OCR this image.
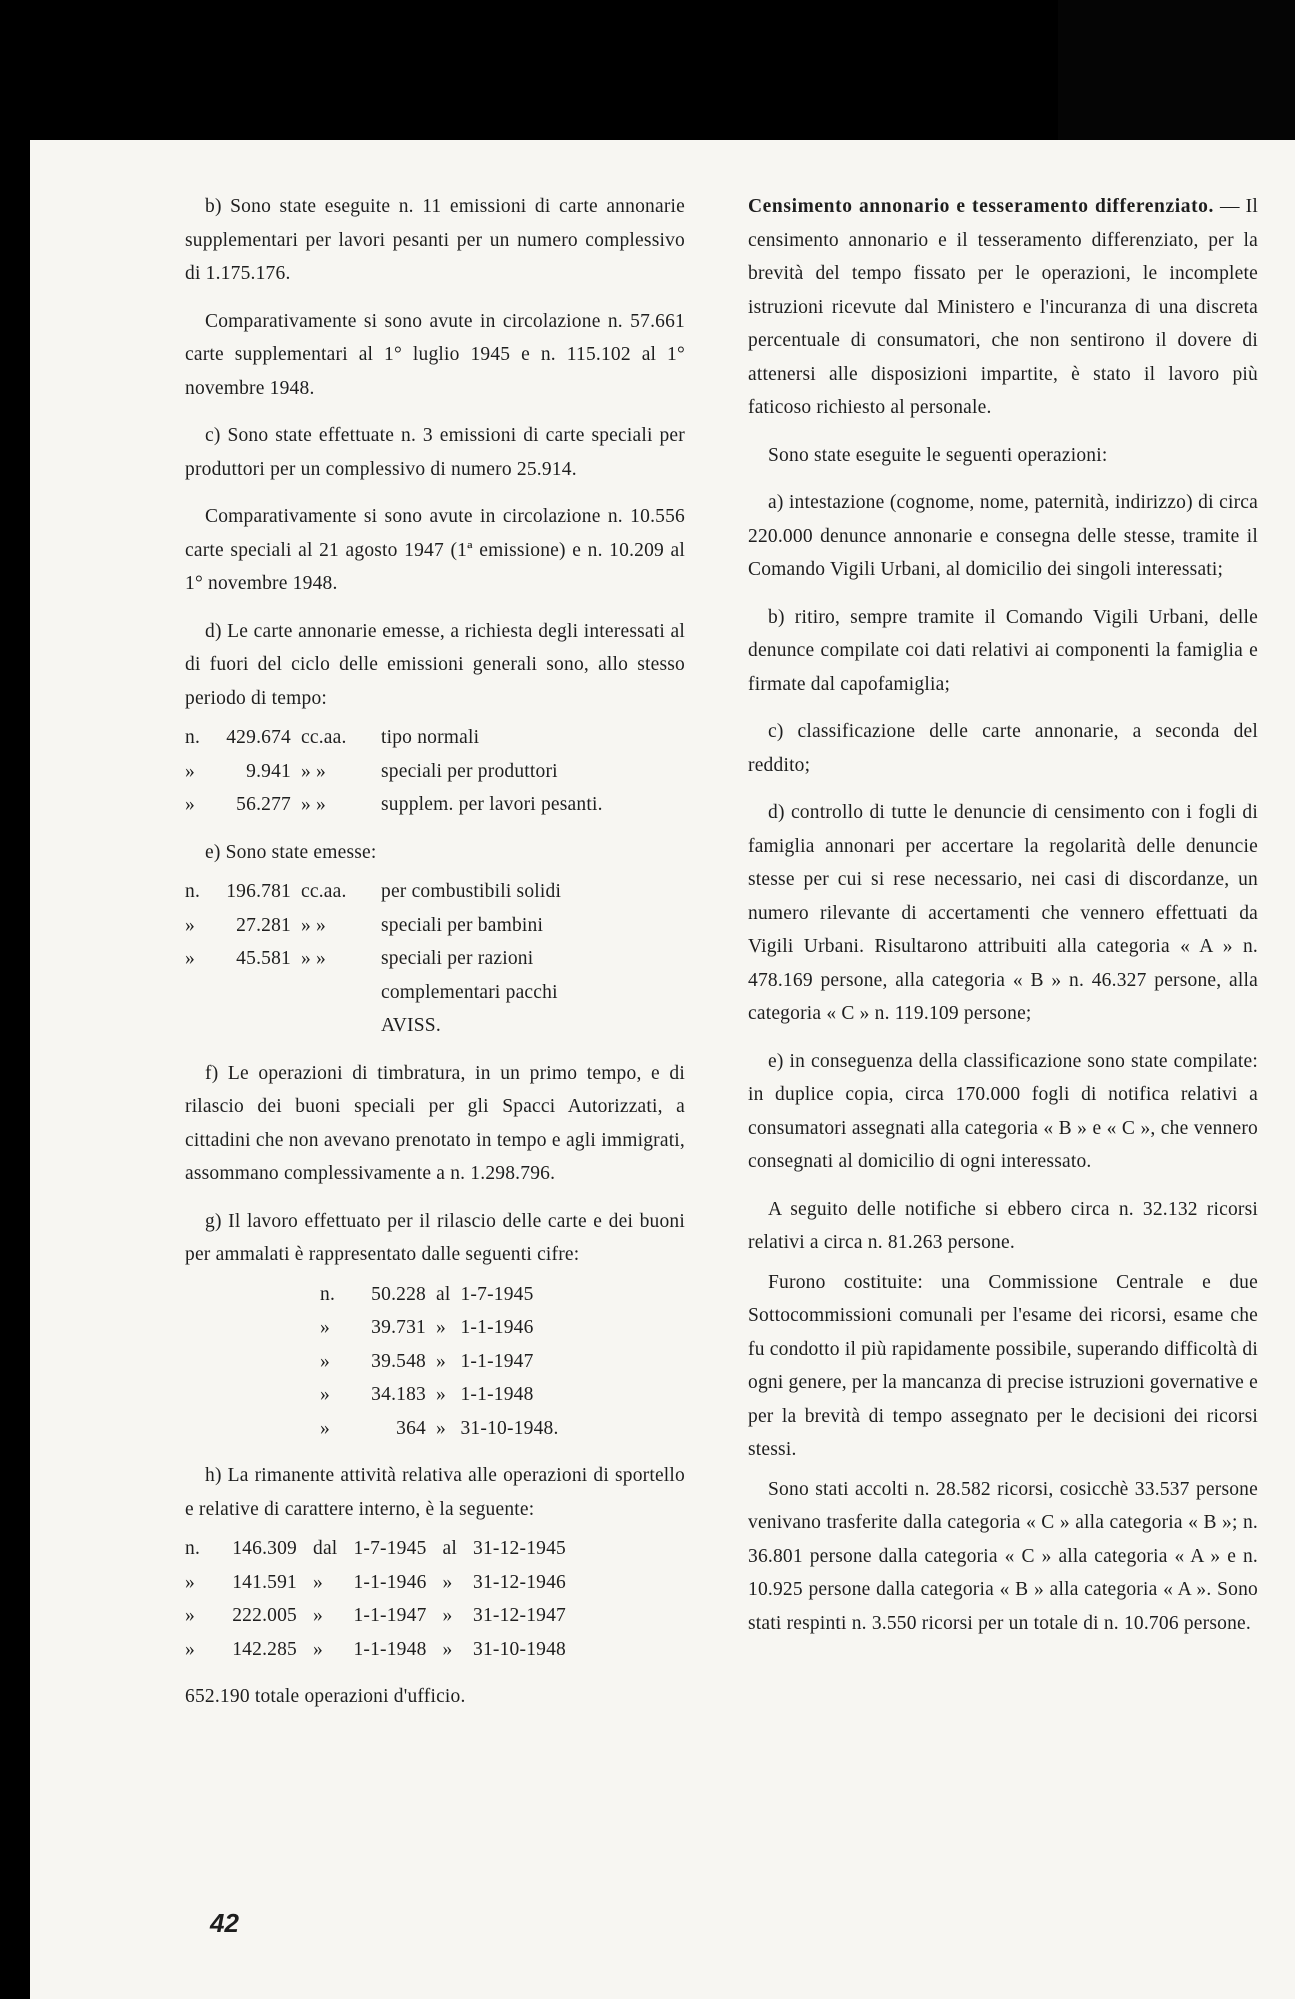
b) Sono state eseguite n. 11 emissioni di carte annonarie supplementari per lavori pesanti per un numero complessivo di 1.175.176.

Comparativamente si sono avute in circolazione n. 57.661 carte supplementari al 1° luglio 1945 e n. 115.102 al 1° novembre 1948.

c) Sono state effettuate n. 3 emissioni di carte speciali per produttori per un complessivo di numero 25.914.

Comparativamente si sono avute in circolazione n. 10.556 carte speciali al 21 agosto 1947 (1ª emissione) e n. 10.209 al 1° novembre 1948.

d) Le carte annonarie emesse, a richiesta degli interessati al di fuori del ciclo delle emissioni generali sono, allo stesso periodo di tempo:

n.	429.674	cc.aa.	tipo normali
»	9.941	» »	speciali per produttori
»	56.277	» »	supplem. per lavori pesanti.

e) Sono state emesse:

n.	196.781	cc.aa.	per combustibili solidi
»	27.281	» »	speciali per bambini
»	45.581	» »	speciali per razioni complementari pacchi AVISS.

f) Le operazioni di timbratura, in un primo tempo, e di rilascio dei buoni speciali per gli Spacci Autorizzati, a cittadini che non avevano prenotato in tempo e agli immigrati, assommano complessivamente a n. 1.298.796.

g) Il lavoro effettuato per il rilascio delle carte e dei buoni per ammalati è rappresentato dalle seguenti cifre:

n.	50.228	al	1-7-1945
»	39.731	»	1-1-1946
»	39.548	»	1-1-1947
»	34.183	»	1-1-1948
»	364	»	31-10-1948.

h) La rimanente attività relativa alle operazioni di sportello e relative di carattere interno, è la seguente:

n.	146.309	dal	1-7-1945	al	31-12-1945
»	141.591	»	1-1-1946	»	31-12-1946
»	222.005	»	1-1-1947	»	31-12-1947
»	142.285	»	1-1-1948	»	31-10-1948

652.190 totale operazioni d'ufficio.

Censimento annonario e tesseramento differenziato. — Il censimento annonario e il tesseramento differenziato, per la brevità del tempo fissato per le operazioni, le incomplete istruzioni ricevute dal Ministero e l'incuranza di una discreta percentuale di consumatori, che non sentirono il dovere di attenersi alle disposizioni impartite, è stato il lavoro più faticoso richiesto al personale.

Sono state eseguite le seguenti operazioni:

a) intestazione (cognome, nome, paternità, indirizzo) di circa 220.000 denunce annonarie e consegna delle stesse, tramite il Comando Vigili Urbani, al domicilio dei singoli interessati;

b) ritiro, sempre tramite il Comando Vigili Urbani, delle denunce compilate coi dati relativi ai componenti la famiglia e firmate dal capofamiglia;

c) classificazione delle carte annonarie, a seconda del reddito;

d) controllo di tutte le denuncie di censimento con i fogli di famiglia annonari per accertare la regolarità delle denuncie stesse per cui si rese necessario, nei casi di discordanze, un numero rilevante di accertamenti che vennero effettuati da Vigili Urbani. Risultarono attribuiti alla categoria « A » n. 478.169 persone, alla categoria « B » n. 46.327 persone, alla categoria « C » n. 119.109 persone;

e) in conseguenza della classificazione sono state compilate: in duplice copia, circa 170.000 fogli di notifica relativi a consumatori assegnati alla categoria « B » e « C », che vennero consegnati al domicilio di ogni interessato.

A seguito delle notifiche si ebbero circa n. 32.132 ricorsi relativi a circa n. 81.263 persone.

Furono costituite: una Commissione Centrale e due Sottocommissioni comunali per l'esame dei ricorsi, esame che fu condotto il più rapidamente possibile, superando difficoltà di ogni genere, per la mancanza di precise istruzioni governative e per la brevità di tempo assegnato per le decisioni dei ricorsi stessi.

Sono stati accolti n. 28.582 ricorsi, cosicchè 33.537 persone venivano trasferite dalla categoria « C » alla categoria « B »; n. 36.801 persone dalla categoria « C » alla categoria « A » e n. 10.925 persone dalla categoria « B » alla categoria « A ». Sono stati respinti n. 3.550 ricorsi per un totale di n. 10.706 persone.

42
